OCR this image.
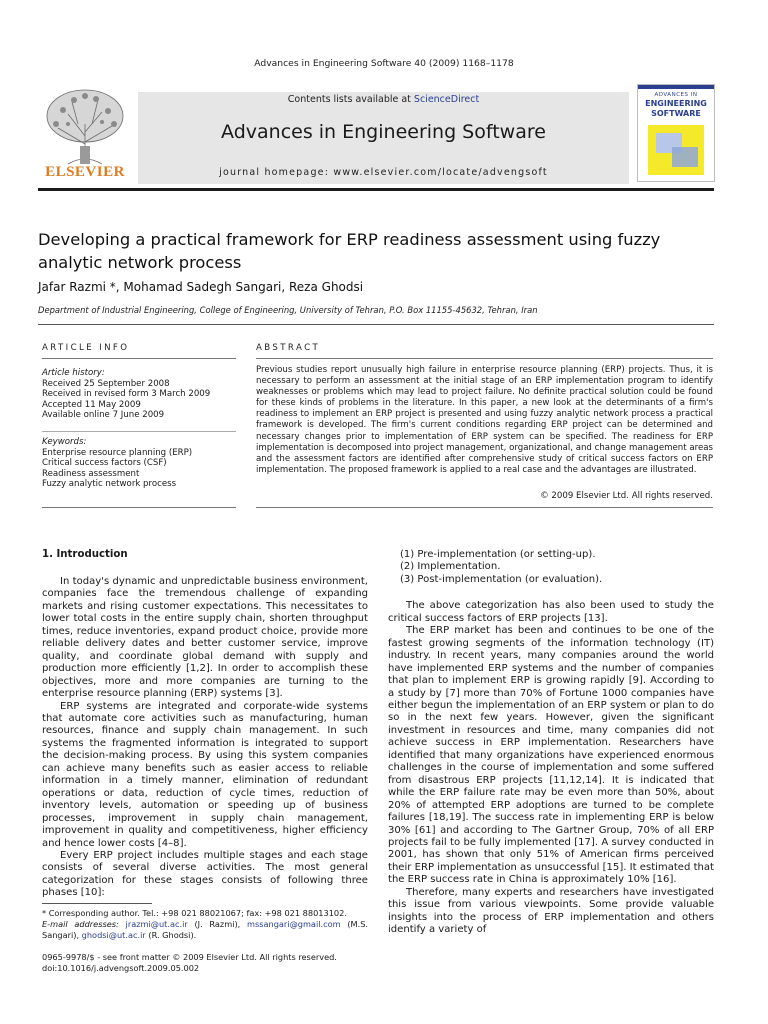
Advances in Engineering Software 40 (2009) 1168–1178
ELSEVIER
Contents lists available at ScienceDirect
Advances in Engineering Software
journal homepage: www.elsevier.com/locate/advengsoft
ADVANCES IN
ENGINEERING
SOFTWARE
Developing a practical framework for ERP readiness assessment using fuzzy analytic network process
Jafar Razmi *, Mohamad Sadegh Sangari, Reza Ghodsi
Department of Industrial Engineering, College of Engineering, University of Tehran, P.O. Box 11155-45632, Tehran, Iran
ARTICLE INFO
Article history:
Received 25 September 2008
Received in revised form 3 March 2009
Accepted 11 May 2009
Available online 7 June 2009
Keywords:
Enterprise resource planning (ERP)
Critical success factors (CSF)
Readiness assessment
Fuzzy analytic network process
ABSTRACT
Previous studies report unusually high failure in enterprise resource planning (ERP) projects. Thus, it is necessary to perform an assessment at the initial stage of an ERP implementation program to identify weaknesses or problems which may lead to project failure. No definite practical solution could be found for these kinds of problems in the literature. In this paper, a new look at the determinants of a firm's readiness to implement an ERP project is presented and using fuzzy analytic network process a practical framework is developed. The firm's current conditions regarding ERP project can be determined and necessary changes prior to implementation of ERP system can be specified. The readiness for ERP implementation is decomposed into project management, organizational, and change management areas and the assessment factors are identified after comprehensive study of critical success factors on ERP implementation. The proposed framework is applied to a real case and the advantages are illustrated.
© 2009 Elsevier Ltd. All rights reserved.
1. Introduction

In today's dynamic and unpredictable business environment, companies face the tremendous challenge of expanding markets and rising customer expectations. This necessitates to lower total costs in the entire supply chain, shorten throughput times, reduce inventories, expand product choice, provide more reliable delivery dates and better customer service, improve quality, and coordinate global demand with supply and production more efficiently [1,2]. In order to accomplish these objectives, more and more companies are turning to the enterprise resource planning (ERP) systems [3].

ERP systems are integrated and corporate-wide systems that automate core activities such as manufacturing, human resources, finance and supply chain management. In such systems the fragmented information is integrated to support the decision-making process. By using this system companies can achieve many benefits such as easier access to reliable information in a timely manner, elimination of redundant operations or data, reduction of cycle times, reduction of inventory levels, automation or speeding up of business processes, improvement in supply chain management, improvement in quality and competitiveness, higher efficiency and hence lower costs [4–8].

Every ERP project includes multiple stages and each stage consists of several diverse activities. The most general categorization for these stages consists of following three phases [10]:

* Corresponding author. Tel.: +98 021 88021067; fax: +98 021 88013102.

E-mail addresses: jrazmi@ut.ac.ir (J. Razmi), mssangari@gmail.com (M.S. Sangari), ghodsi@ut.ac.ir (R. Ghodsi).

0965-9978/$ - see front matter © 2009 Elsevier Ltd. All rights reserved.
doi:10.1016/j.advengsoft.2009.05.002
(1) Pre-implementation (or setting-up).
(2) Implementation.
(3) Post-implementation (or evaluation).

The above categorization has also been used to study the critical success factors of ERP projects [13].

The ERP market has been and continues to be one of the fastest growing segments of the information technology (IT) industry. In recent years, many companies around the world have implemented ERP systems and the number of companies that plan to implement ERP is growing rapidly [9]. According to a study by [7] more than 70% of Fortune 1000 companies have either begun the implementation of an ERP system or plan to do so in the next few years. However, given the significant investment in resources and time, many companies did not achieve success in ERP implementation. Researchers have identified that many organizations have experienced enormous challenges in the course of implementation and some suffered from disastrous ERP projects [11,12,14]. It is indicated that while the ERP failure rate may be even more than 50%, about 20% of attempted ERP adoptions are turned to be complete failures [18,19]. The success rate in implementing ERP is below 30% [61] and according to The Gartner Group, 70% of all ERP projects fail to be fully implemented [17]. A survey conducted in 2001, has shown that only 51% of American firms perceived their ERP implementation as unsuccessful [15]. It estimated that the ERP success rate in China is approximately 10% [16].

Therefore, many experts and researchers have investigated this issue from various viewpoints. Some provide valuable insights into the process of ERP implementation and others identify a variety of
